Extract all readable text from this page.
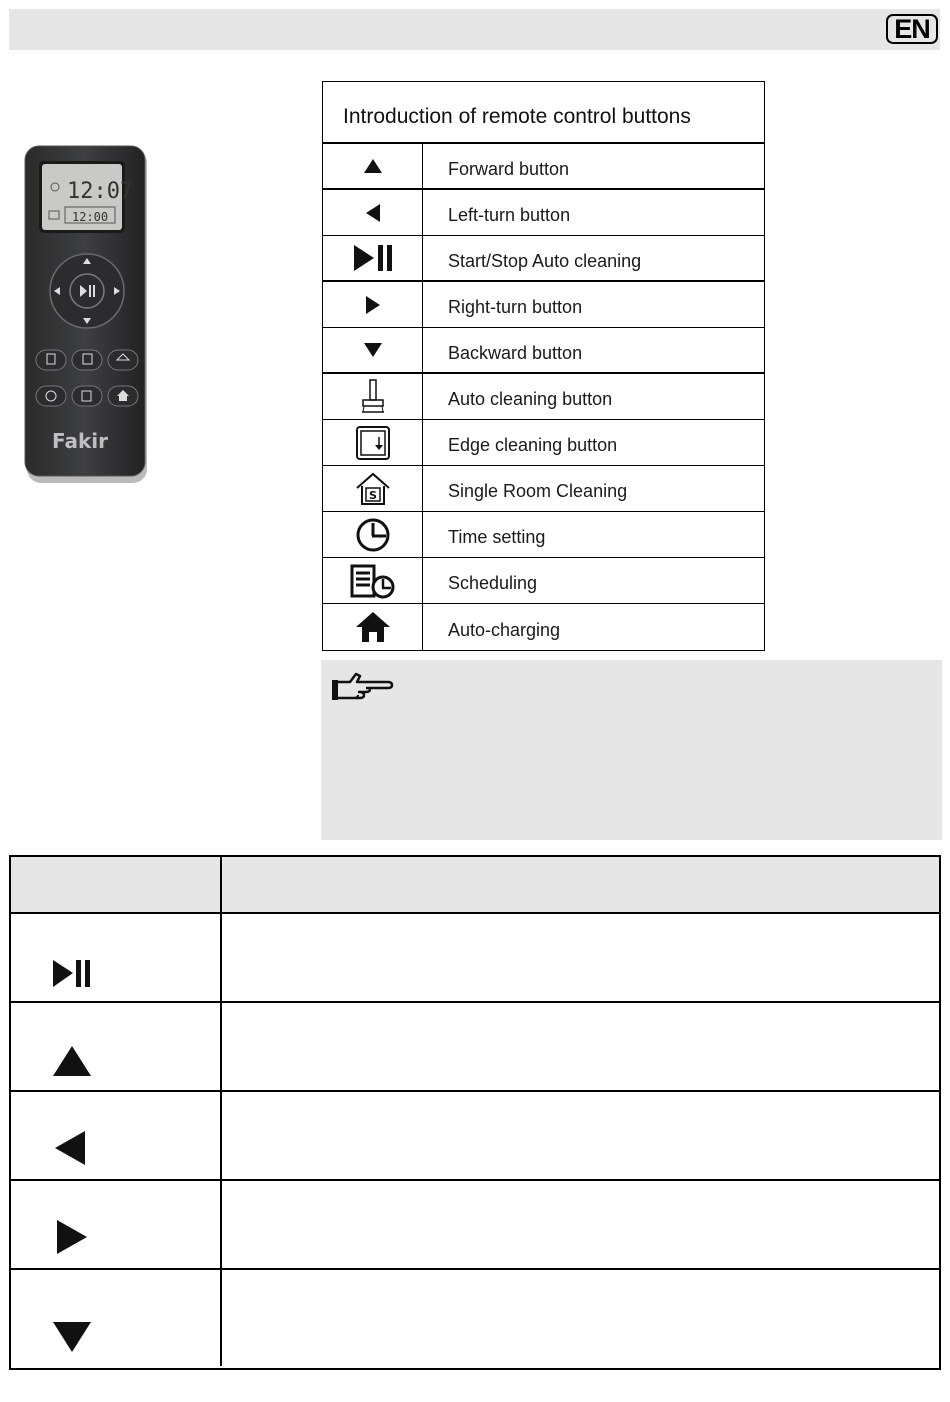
EN
12:07
12:00
Fakir
Introduction of remote control buttons
Forward button
Left-turn button
Start/Stop Auto cleaning
Right-turn button
Backward button
Auto cleaning button
Edge cleaning button
S	Single Room Cleaning
Time setting
Scheduling
Auto-charging
